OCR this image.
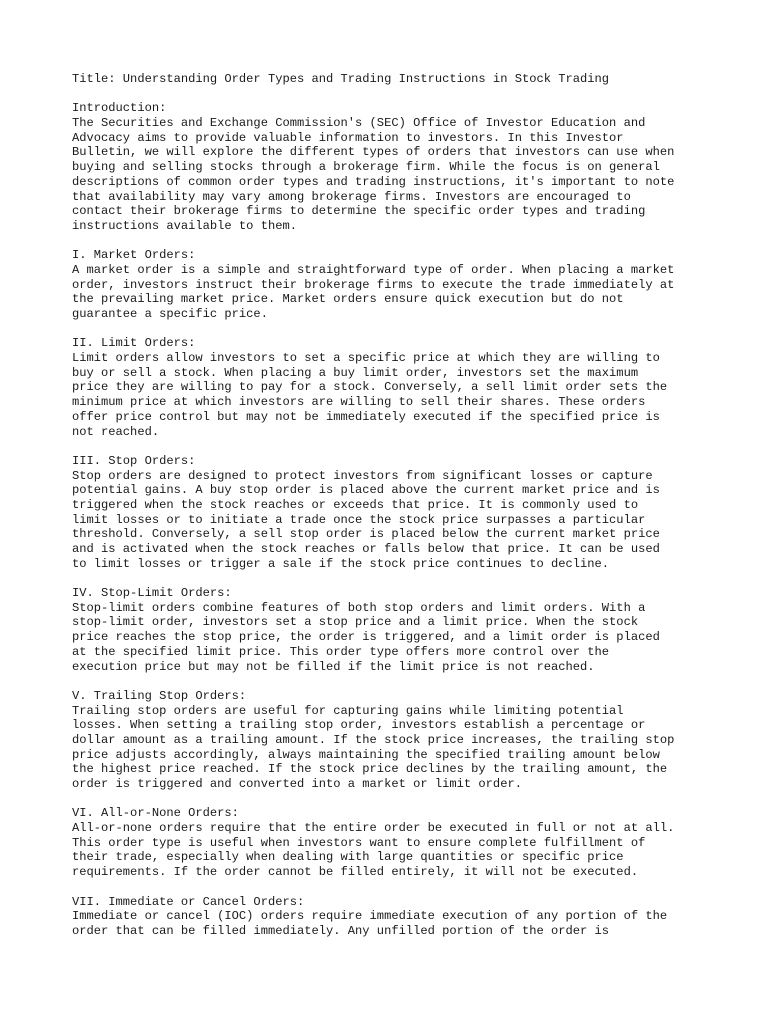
Title: Understanding Order Types and Trading Instructions in Stock Trading
Introduction:
The Securities and Exchange Commission's (SEC) Office of Investor Education and
Advocacy aims to provide valuable information to investors. In this Investor
Bulletin, we will explore the different types of orders that investors can use when
buying and selling stocks through a brokerage firm. While the focus is on general
descriptions of common order types and trading instructions, it's important to note
that availability may vary among brokerage firms. Investors are encouraged to
contact their brokerage firms to determine the specific order types and trading
instructions available to them.
I. Market Orders:
A market order is a simple and straightforward type of order. When placing a market
order, investors instruct their brokerage firms to execute the trade immediately at
the prevailing market price. Market orders ensure quick execution but do not
guarantee a specific price.
II. Limit Orders:
Limit orders allow investors to set a specific price at which they are willing to
buy or sell a stock. When placing a buy limit order, investors set the maximum
price they are willing to pay for a stock. Conversely, a sell limit order sets the
minimum price at which investors are willing to sell their shares. These orders
offer price control but may not be immediately executed if the specified price is
not reached.
III. Stop Orders:
Stop orders are designed to protect investors from significant losses or capture
potential gains. A buy stop order is placed above the current market price and is
triggered when the stock reaches or exceeds that price. It is commonly used to
limit losses or to initiate a trade once the stock price surpasses a particular
threshold. Conversely, a sell stop order is placed below the current market price
and is activated when the stock reaches or falls below that price. It can be used
to limit losses or trigger a sale if the stock price continues to decline.
IV. Stop-Limit Orders:
Stop-limit orders combine features of both stop orders and limit orders. With a
stop-limit order, investors set a stop price and a limit price. When the stock
price reaches the stop price, the order is triggered, and a limit order is placed
at the specified limit price. This order type offers more control over the
execution price but may not be filled if the limit price is not reached.
V. Trailing Stop Orders:
Trailing stop orders are useful for capturing gains while limiting potential
losses. When setting a trailing stop order, investors establish a percentage or
dollar amount as a trailing amount. If the stock price increases, the trailing stop
price adjusts accordingly, always maintaining the specified trailing amount below
the highest price reached. If the stock price declines by the trailing amount, the
order is triggered and converted into a market or limit order.
VI. All-or-None Orders:
All-or-none orders require that the entire order be executed in full or not at all.
This order type is useful when investors want to ensure complete fulfillment of
their trade, especially when dealing with large quantities or specific price
requirements. If the order cannot be filled entirely, it will not be executed.
VII. Immediate or Cancel Orders:
Immediate or cancel (IOC) orders require immediate execution of any portion of the
order that can be filled immediately. Any unfilled portion of the order is
